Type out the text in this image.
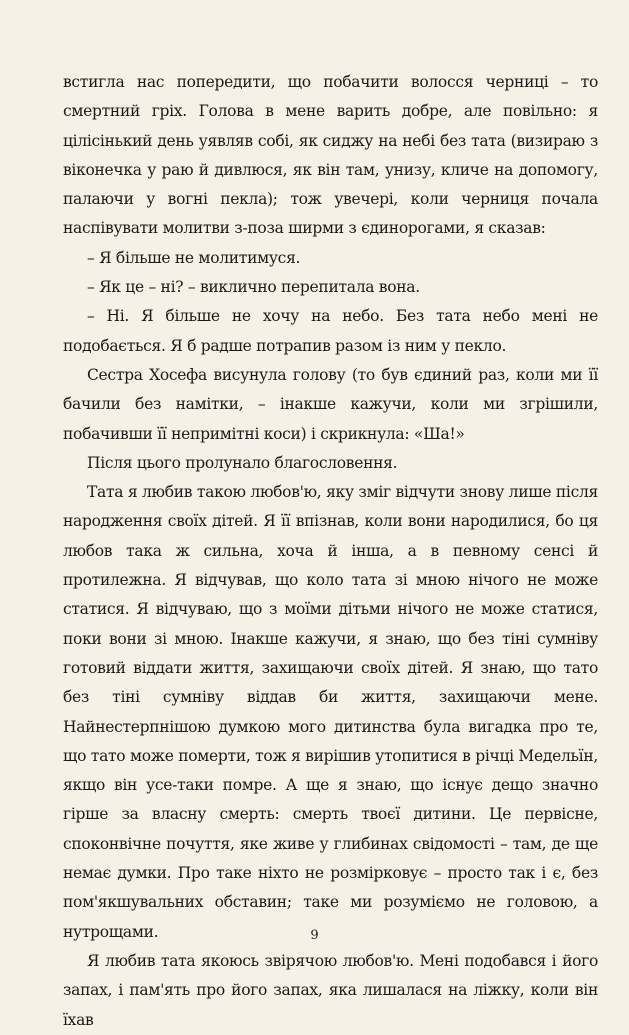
встигла нас попередити, що побачити волосся черниці – то смертний гріх. Голова в мене варить добре, але повільно: я цілісінький день уявляв собі, як сиджу на небі без тата (визираю з віконечка у раю й дивлюся, як він там, унизу, кличе на допомогу, палаючи у вогні пекла); тож увечері, коли черниця почала наспівувати молитви з-поза ширми з єдинорогами, я сказав:

– Я більше не молитимуся.

– Як це – ні? – виклично перепитала вона.

– Ні. Я більше не хочу на небо. Без тата небо мені не подобається. Я б радше потрапив разом із ним у пекло.

Сестра Хосефа висунула голову (то був єдиний раз, коли ми її бачили без намітки, – інакше кажучи, коли ми згрішили, побачивши її непримітні коси) і скрикнула: «Ша!»

Після цього пролунало благословення.

Тата я любив такою любов'ю, яку зміг відчути знову лише після народження своїх дітей. Я її впізнав, коли вони народилися, бо ця любов така ж сильна, хоча й інша, а в певному сенсі й протилежна. Я відчував, що коло тата зі мною нічого не може статися. Я відчуваю, що з моїми дітьми нічого не може статися, поки вони зі мною. Інакше кажучи, я знаю, що без тіні сумніву готовий віддати життя, захищаючи своїх дітей. Я знаю, що тато без тіні сумніву віддав би життя, захищаючи мене. Найнестерпнішою думкою мого дитинства була вигадка про те, що тато може померти, тож я вирішив утопитися в річці Медельїн, якщо він усе-таки помре. А ще я знаю, що існує дещо значно гірше за власну смерть: смерть твоєї дитини. Це первісне, споконвічне почуття, яке живе у глибинах свідомості – там, де ще немає думки. Про таке ніхто не розмірковує – просто так і є, без пом'якшувальних обставин; таке ми розуміємо не головою, а нутрощами.

Я любив тата якоюсь звірячою любов'ю. Мені подобався і його запах, і пам'ять про його запах, яка лишалася на ліжку, коли він їхав

9
